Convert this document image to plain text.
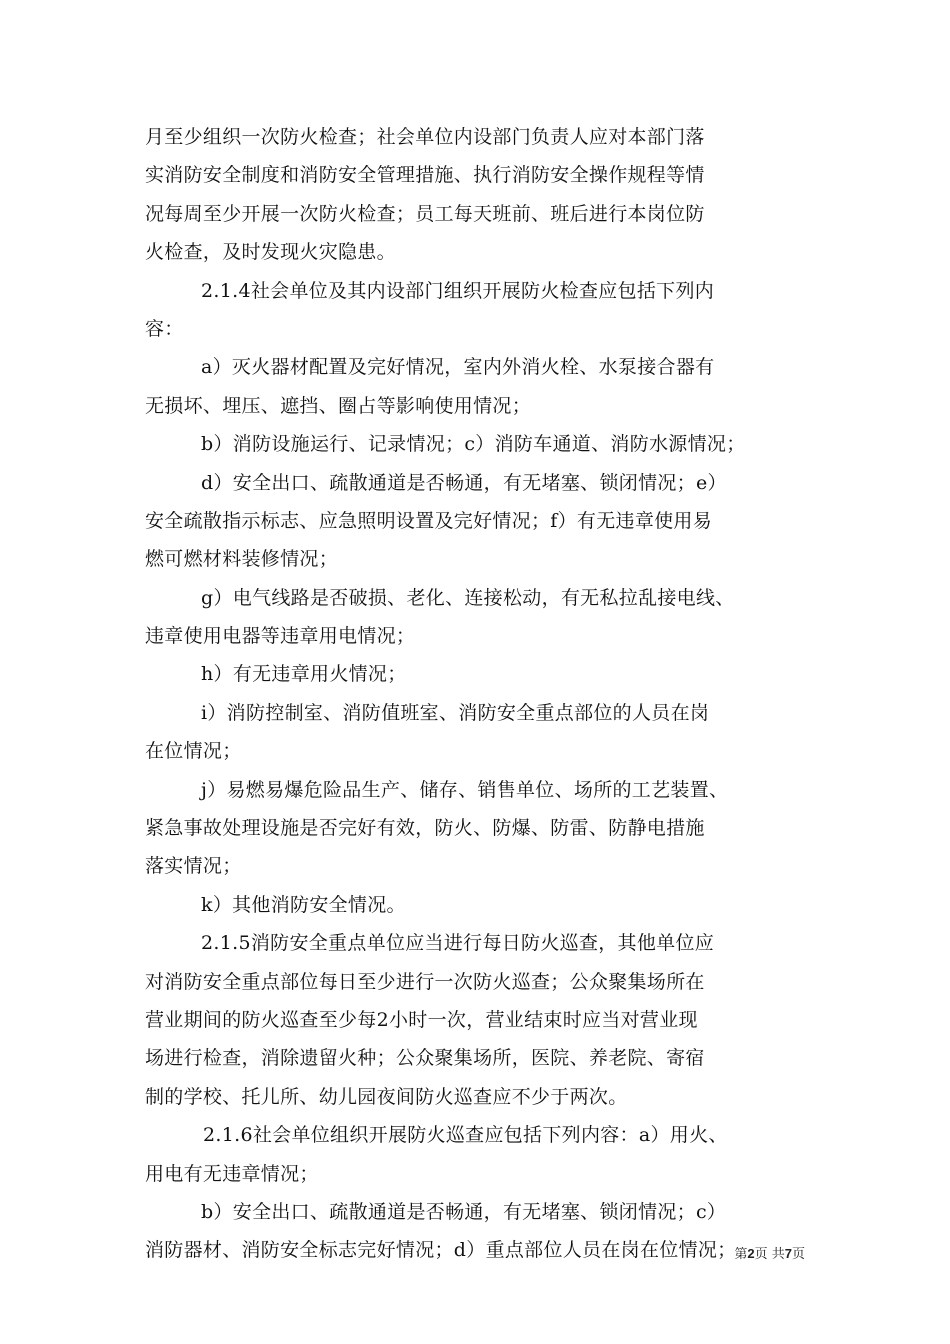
月至少组织一次防火检查；社会单位内设部门负责人应对本部门落
实消防安全制度和消防安全管理措施、执行消防安全操作规程等情
况每周至少开展一次防火检查；员工每天班前、班后进行本岗位防
火检查，及时发现火灾隐患。
2.1.4社会单位及其内设部门组织开展防火检查应包括下列内
容：
a）灭火器材配置及完好情况，室内外消火栓、水泵接合器有
无损坏、埋压、遮挡、圈占等影响使用情况；
b）消防设施运行、记录情况；c）消防车通道、消防水源情况；
d）安全出口、疏散通道是否畅通，有无堵塞、锁闭情况；e）
安全疏散指示标志、应急照明设置及完好情况；f）有无违章使用易
燃可燃材料装修情况；
g）电气线路是否破损、老化、连接松动，有无私拉乱接电线、
违章使用电器等违章用电情况；
h）有无违章用火情况；
i）消防控制室、消防值班室、消防安全重点部位的人员在岗
在位情况；
j）易燃易爆危险品生产、储存、销售单位、场所的工艺装置、
紧急事故处理设施是否完好有效，防火、防爆、防雷、防静电措施
落实情况；
k）其他消防安全情况。
2.1.5消防安全重点单位应当进行每日防火巡查，其他单位应
对消防安全重点部位每日至少进行一次防火巡查；公众聚集场所在
营业期间的防火巡查至少每2小时一次，营业结束时应当对营业现
场进行检查，消除遗留火种；公众聚集场所，医院、养老院、寄宿
制的学校、托儿所、幼儿园夜间防火巡查应不少于两次。
2.1.6社会单位组织开展防火巡查应包括下列内容：a）用火、
用电有无违章情况；
b）安全出口、疏散通道是否畅通，有无堵塞、锁闭情况；c）
消防器材、消防安全标志完好情况；d）重点部位人员在岗在位情况；
第2页 共7页
